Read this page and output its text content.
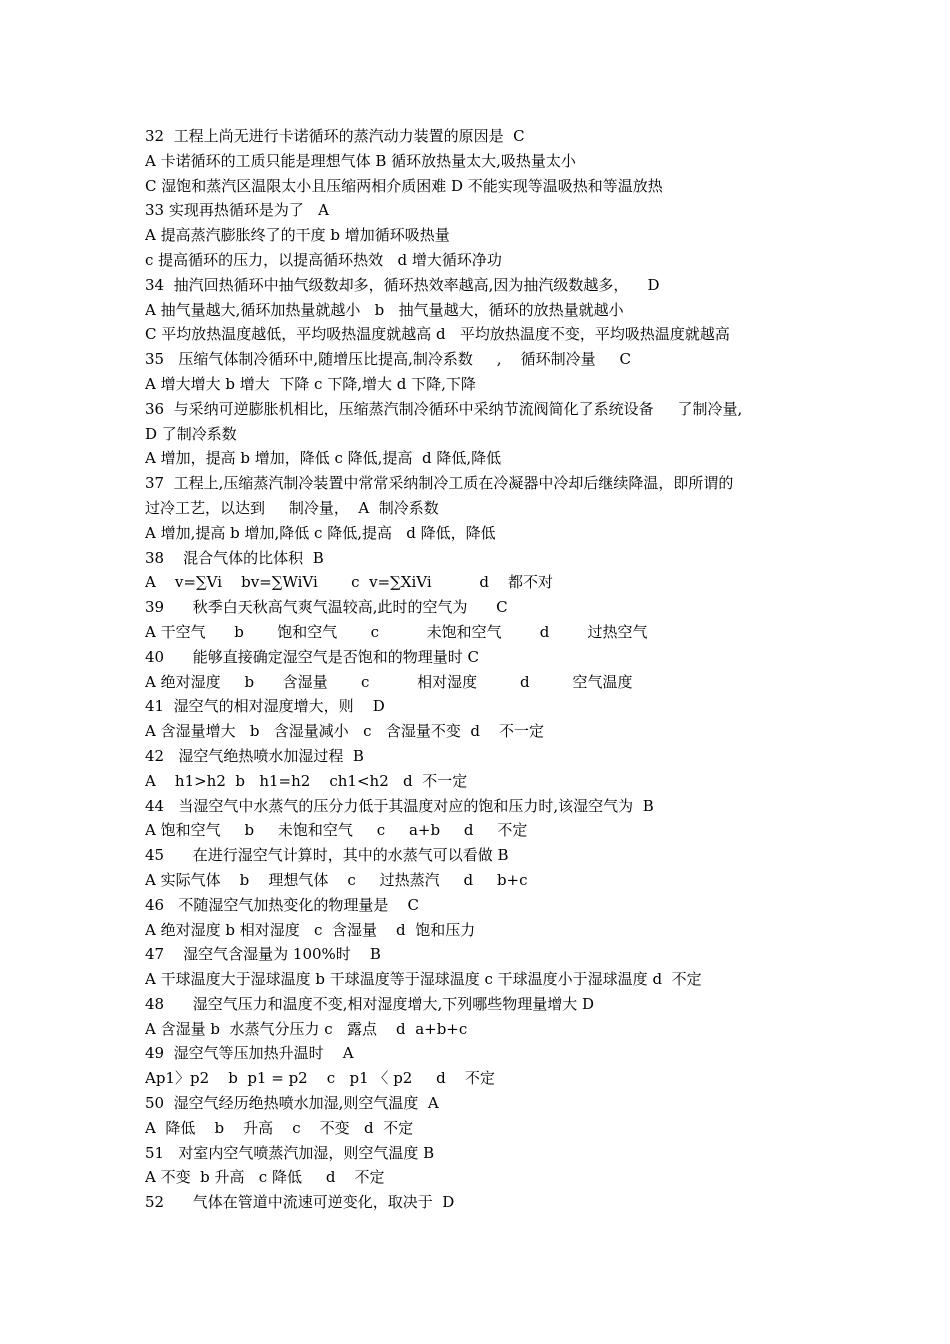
32  工程上尚无进行卡诺循环的蒸汽动力装置的原因是  C
A 卡诺循环的工质只能是理想气体 B 循环放热量太大,吸热量太小
C 湿饱和蒸汽区温限太小且压缩两相介质困难 D 不能实现等温吸热和等温放热
33 实现再热循环是为了   A
A 提高蒸汽膨胀终了的干度 b 增加循环吸热量
c 提高循环的压力，以提高循环热效   d 增大循环净功
34  抽汽回热循环中抽气级数却多，循环热效率越高,因为抽汽级数越多，    D
A 抽气量越大,循环加热量就越小   b   抽气量越大，循环的放热量就越小
C 平均放热温度越低，平均吸热温度就越高 d   平均放热温度不变，平均吸热温度就越高
35   压缩气体制冷循环中,随增压比提高,制冷系数     ,    循环制冷量     C
A 增大增大 b 增大  下降 c 下降,增大 d 下降,下降
36  与采纳可逆膨胀机相比，压缩蒸汽制冷循环中采纳节流阀简化了系统设备     了制冷量,
D 了制冷系数
A 增加，提高 b 增加，降低 c 降低,提高  d 降低,降低
37  工程上,压缩蒸汽制冷装置中常常采纳制冷工质在冷凝器中冷却后继续降温，即所谓的
过冷工艺，以达到     制冷量，  A  制冷系数
A 增加,提高 b 增加,降低 c 降低,提高   d 降低，降低
38    混合气体的比体积  B
A    v=∑Vi    bv=∑WiVi       c  v=∑XiVi          d    都不对
39      秋季白天秋高气爽气温较高,此时的空气为      C
A 干空气      b       饱和空气       c          未饱和空气        d        过热空气
40      能够直接确定湿空气是否饱和的物理量时 C
A 绝对湿度     b      含湿量       c          相对湿度         d         空气温度
41  湿空气的相对湿度增大，则    D
A 含湿量增大   b   含湿量减小   c   含湿量不变  d    不一定
42   湿空气绝热喷水加湿过程  B
A    h1>h2  b   h1=h2    ch1<h2   d  不一定
44   当湿空气中水蒸气的压分力低于其温度对应的饱和压力时,该湿空气为  B
A 饱和空气     b     未饱和空气     c     a+b     d     不定
45      在进行湿空气计算时，其中的水蒸气可以看做 B
A 实际气体    b    理想气体    c     过热蒸汽     d     b+c
46   不随湿空气加热变化的物理量是    C
A 绝对湿度 b 相对湿度   c  含湿量    d  饱和压力
47    湿空气含湿量为 100%时    B
A 干球温度大于湿球温度 b 干球温度等于湿球温度 c 干球温度小于湿球温度 d  不定
48      湿空气压力和温度不变,相对湿度增大,下列哪些物理量增大 D
A 含湿量 b  水蒸气分压力 c   露点    d  a+b+c
49  湿空气等压加热升温时    A
Ap1〉p2    b  p1 = p2    c   p1 〈 p2     d    不定
50  湿空气经历绝热喷水加湿,则空气温度  A
A  降低    b    升高    c    不变   d  不定
51   对室内空气喷蒸汽加湿，则空气温度 B
A 不变  b 升高   c 降低     d    不定
52      气体在管道中流速可逆变化，取决于  D
